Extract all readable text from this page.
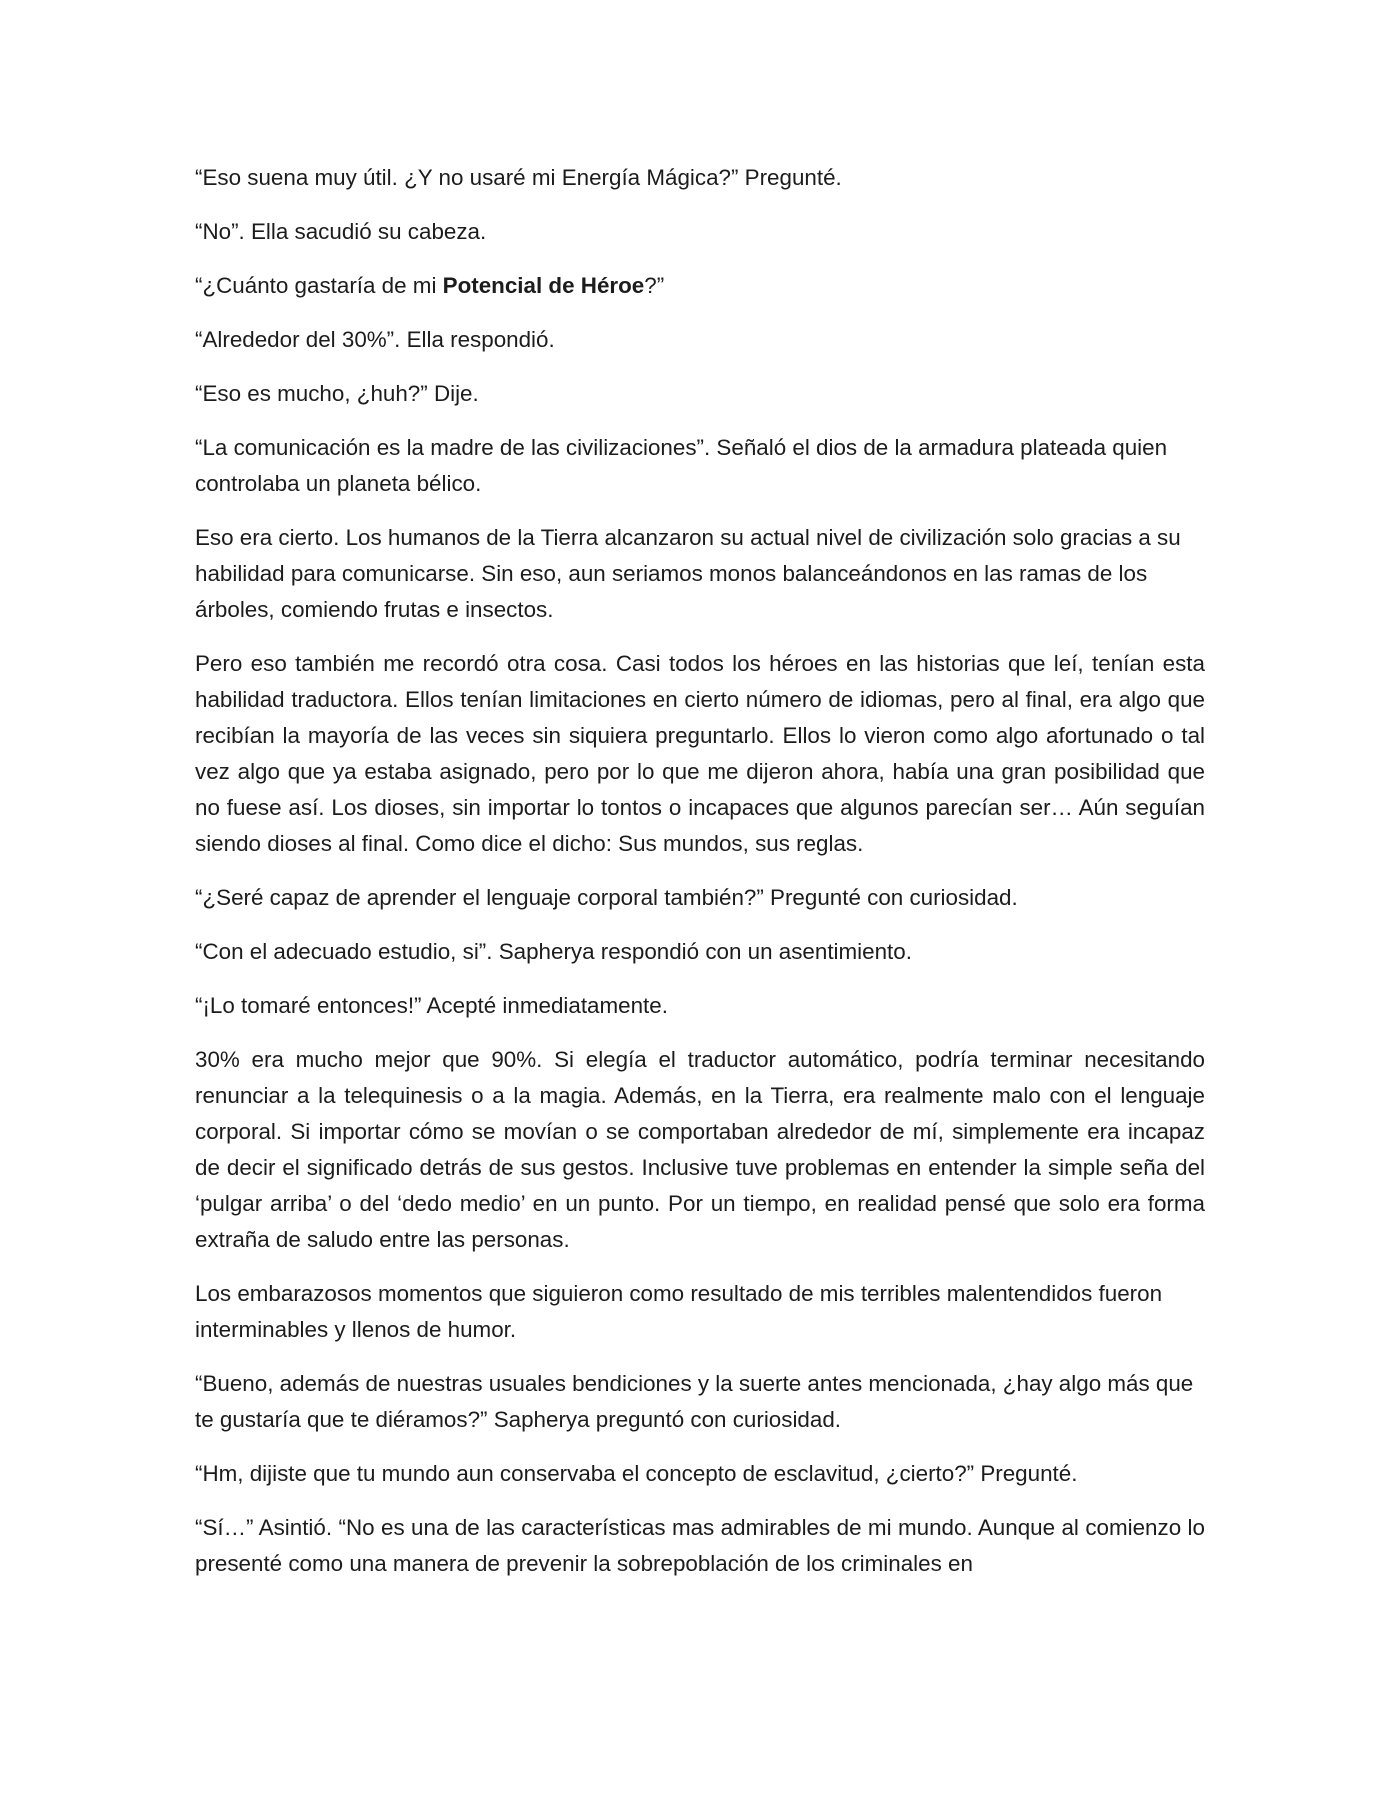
“Eso suena muy útil. ¿Y no usaré mi Energía Mágica?” Pregunté.

“No”. Ella sacudió su cabeza.

“¿Cuánto gastaría de mi Potencial de Héroe?”

“Alrededor del 30%”. Ella respondió.

“Eso es mucho, ¿huh?” Dije.

“La comunicación es la madre de las civilizaciones”. Señaló el dios de la armadura plateada quien controlaba un planeta bélico.

Eso era cierto. Los humanos de la Tierra alcanzaron su actual nivel de civilización solo gracias a su habilidad para comunicarse. Sin eso, aun seriamos monos balanceándonos en las ramas de los árboles, comiendo frutas e insectos.

Pero eso también me recordó otra cosa. Casi todos los héroes en las historias que leí, tenían esta habilidad traductora. Ellos tenían limitaciones en cierto número de idiomas, pero al final, era algo que recibían la mayoría de las veces sin siquiera preguntarlo. Ellos lo vieron como algo afortunado o tal vez algo que ya estaba asignado, pero por lo que me dijeron ahora, había una gran posibilidad que no fuese así. Los dioses, sin importar lo tontos o incapaces que algunos parecían ser… Aún seguían siendo dioses al final. Como dice el dicho: Sus mundos, sus reglas.

“¿Seré capaz de aprender el lenguaje corporal también?” Pregunté con curiosidad.

“Con el adecuado estudio, si”. Sapherya respondió con un asentimiento.

“¡Lo tomaré entonces!” Acepté inmediatamente.

30% era mucho mejor que 90%. Si elegía el traductor automático, podría terminar necesitando renunciar a la telequinesis o a la magia. Además, en la Tierra, era realmente malo con el lenguaje corporal. Si importar cómo se movían o se comportaban alrededor de mí, simplemente era incapaz de decir el significado detrás de sus gestos. Inclusive tuve problemas en entender la simple seña del ‘pulgar arriba’ o del ‘dedo medio’ en un punto. Por un tiempo, en realidad pensé que solo era forma extraña de saludo entre las personas.

Los embarazosos momentos que siguieron como resultado de mis terribles malentendidos fueron interminables y llenos de humor.

“Bueno, además de nuestras usuales bendiciones y la suerte antes mencionada, ¿hay algo más que te gustaría que te diéramos?” Sapherya preguntó con curiosidad.

“Hm, dijiste que tu mundo aun conservaba el concepto de esclavitud, ¿cierto?” Pregunté.

“Sí…” Asintió. “No es una de las características mas admirables de mi mundo. Aunque al comienzo lo presenté como una manera de prevenir la sobrepoblación de los criminales en
